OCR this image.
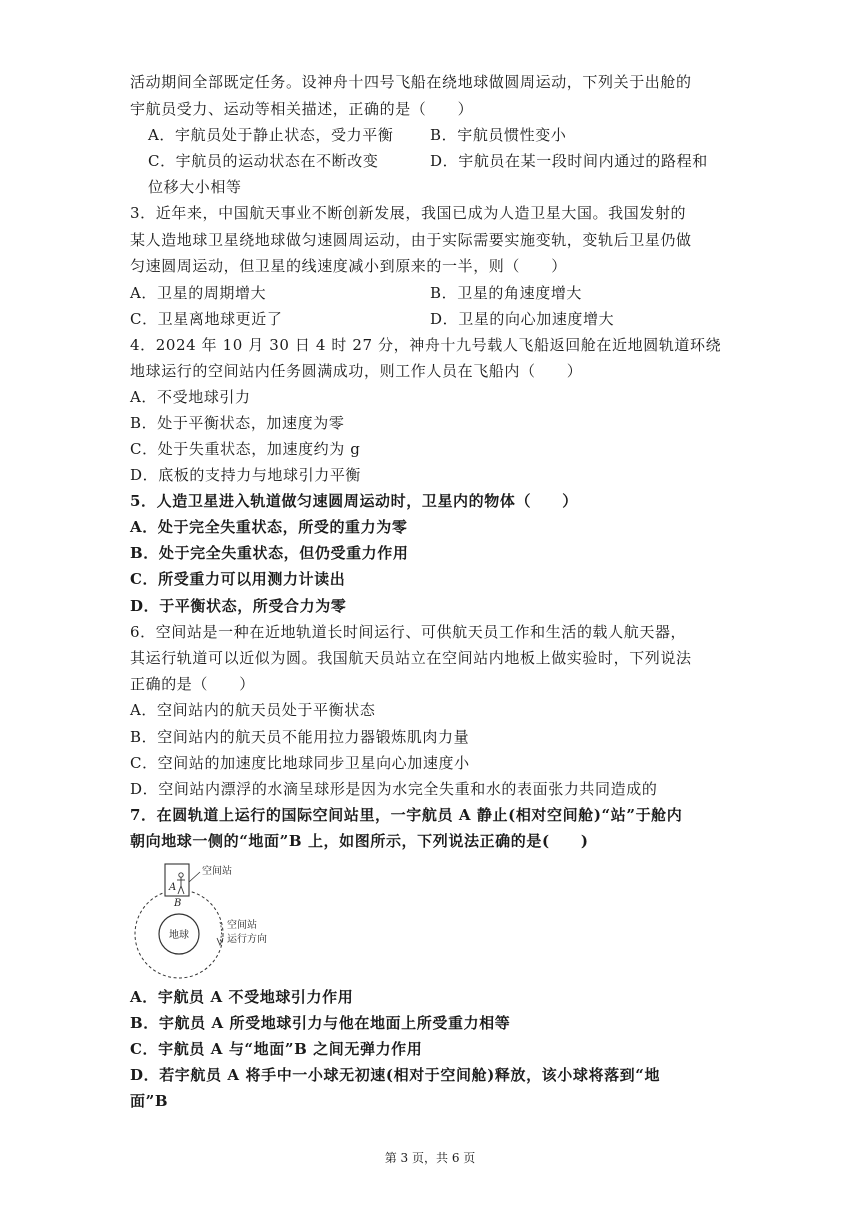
活动期间全部既定任务。设神舟十四号飞船在绕地球做圆周运动，下列关于出舱的
宇航员受力、运动等相关描述，正确的是（　　）
A．宇航员处于静止状态，受力平衡 B．宇航员惯性变小
C．宇航员的运动状态在不断改变	D．宇航员在某一段时间内通过的路程和
位移大小相等
3．近年来，中国航天事业不断创新发展，我国已成为人造卫星大国。我国发射的
某人造地球卫星绕地球做匀速圆周运动，由于实际需要实施变轨，变轨后卫星仍做
匀速圆周运动，但卫星的线速度减小到原来的一半，则（　　）
A．卫星的周期增大	B．卫星的角速度增大
C．卫星离地球更近了	D．卫星的向心加速度增大
4．2024 年 10 月 30 日 4 时 27 分，神舟十九号载人飞船返回舱在近地圆轨道环绕
地球运行的空间站内任务圆满成功，则工作人员在飞船内（　　）
A．不受地球引力
B．处于平衡状态，加速度为零
C．处于失重状态，加速度约为 g
D．底板的支持力与地球引力平衡
5．人造卫星进入轨道做匀速圆周运动时，卫星内的物体（　　）
A．处于完全失重状态，所受的重力为零
B．处于完全失重状态，但仍受重力作用
C．所受重力可以用测力计读出
D．于平衡状态，所受合力为零
6．空间站是一种在近地轨道长时间运行、可供航天员工作和生活的载人航天器，
其运行轨道可以近似为圆。我国航天员站立在空间站内地板上做实验时，下列说法
正确的是（　　）
A．空间站内的航天员处于平衡状态
B．空间站内的航天员不能用拉力器锻炼肌肉力量
C．空间站的加速度比地球同步卫星向心加速度小
D．空间站内漂浮的水滴呈球形是因为水完全失重和水的表面张力共同造成的
7．在圆轨道上运行的国际空间站里，一宇航员 A 静止(相对空间舱)“站”于舱内
朝向地球一侧的“地面”B 上，如图所示，下列说法正确的是(　　)
地球
A
B
空间站
空间站
运行方向
A．宇航员 A 不受地球引力作用
B．宇航员 A 所受地球引力与他在地面上所受重力相等
C．宇航员 A 与“地面”B 之间无弹力作用
D．若宇航员 A 将手中一小球无初速(相对于空间舱)释放，该小球将落到“地
面”B
第 3 页，共 6 页
